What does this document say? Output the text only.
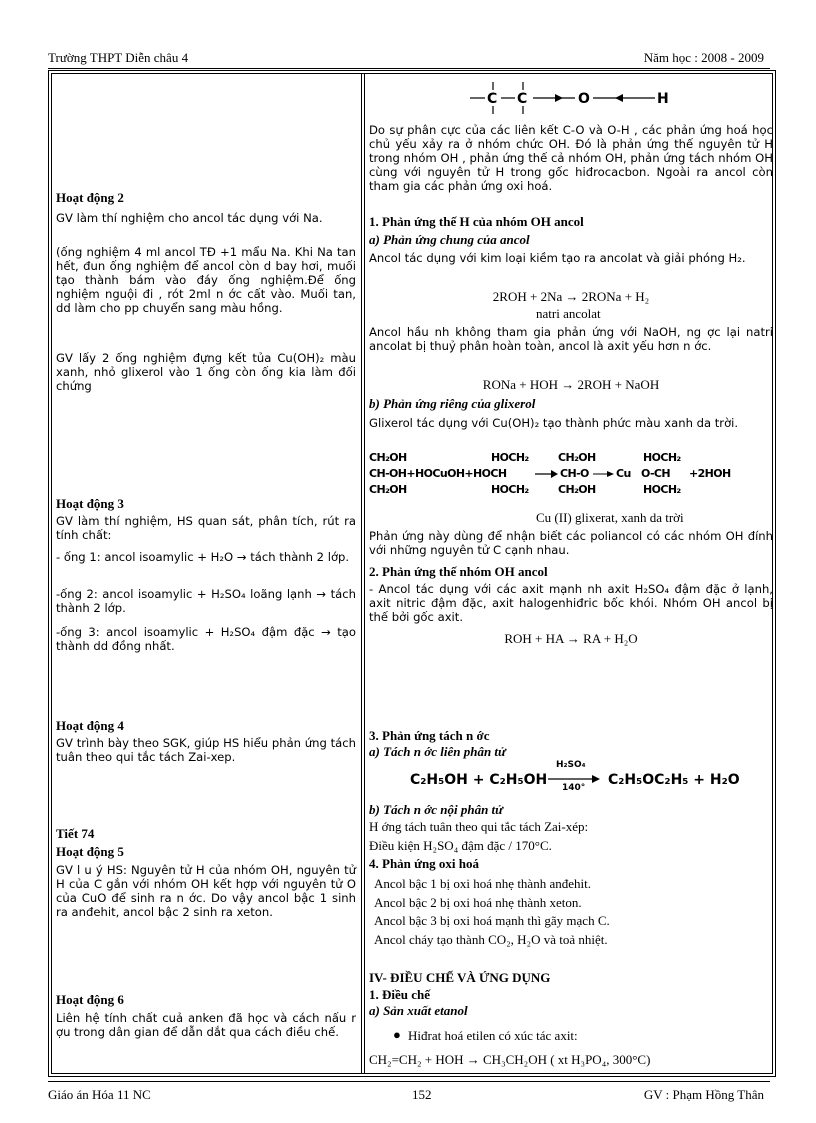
Trường THPT Diễn châu 4	Năm học : 2008 - 2009
Hoạt động 2
GV làm thí nghiệm cho ancol tác dụng với Na.
(ống nghiệm 4 ml ancol TĐ +1 mẩu Na. Khi Na tan hết, đun ống nghiệm để ancol còn d bay hơi, muối tạo thành bám vào đáy ống nghiệm.Để ống nghiệm nguội đi , rót 2ml n ớc cất vào. Muối tan, dd làm cho pp chuyển sang màu hồng.
GV lấy 2 ống nghiệm đựng kết tủa Cu(OH)₂ màu xanh, nhỏ glixerol vào 1 ống còn ống kia làm đối chứng
Hoạt động 3
GV làm thí nghiệm, HS quan sát, phân tích, rút ra tính chất:
- ống 1: ancol isoamylic + H₂O → tách thành 2 lớp.
-ống 2: ancol isoamylic + H₂SO₄ loãng lạnh → tách thành 2 lớp.
-ống 3: ancol isoamylic + H₂SO₄ đậm đặc → tạo thành dd đồng nhất.
Hoạt động 4
GV trình bày theo SGK, giúp HS hiểu phản ứng tách tuân theo qui tắc tách Zai-xep.
Tiết 74
Hoạt động 5
GV l u ý HS: Nguyên tử H của nhóm OH, nguyên tử H của C gắn với nhóm OH kết hợp với nguyên tử O của CuO để sinh ra n ớc. Do vậy ancol bậc 1 sinh ra anđehit, ancol bậc 2 sinh ra xeton.
Hoạt động 6
Liên hệ tính chất cuả anken đã học và cách nấu r ợu trong dân gian để dẫn dắt qua cách điều chế.
C C	O	H
Do sự phân cực của các liên kết C-O và O-H , các phản ứng hoá học chủ yếu xảy ra ở nhóm chức OH. Đó là phản ứng thế nguyên tử H trong nhóm OH , phản ứng thế cả nhóm OH, phản ứng tách nhóm OH cùng với nguyên tử H trong gốc hiđrocacbon. Ngoài ra ancol còn tham gia các phản ứng oxi hoá.
1. Phản ứng thế H của nhóm OH ancol
a) Phản ứng chung của ancol
Ancol tác dụng với kim loại kiềm tạo ra ancolat và giải phóng H₂.
2ROH + 2Na → 2RONa + H₂
natri ancolat
Ancol hầu nh không tham gia phản ứng với NaOH, ng ợc lại natri ancolat bị thuỷ phân hoàn toàn, ancol là axit yếu hơn n ớc.
RONa + HOH → 2ROH + NaOH
b) Phản ứng riêng của glixerol
Glixerol tác dụng với Cu(OH)₂ tạo thành phức màu xanh da trời.
CH₂OH	HOCH₂	CH₂OH	HOCH₂
CH-OH+HOCuOH+HOCH	CH-O Cu O-CH +2HOH
CH₂OH	HOCH₂	CH₂OH	HOCH₂
Cu (II) glixerat, xanh da trời
Phản ứng này dùng để nhận biết các poliancol có các nhóm OH đính với những nguyên tử C cạnh nhau.
2. Phản ứng thế nhóm OH ancol
- Ancol tác dụng với các axit mạnh nh axit H₂SO₄ đậm đặc ở lạnh, axit nitric đậm đặc, axit halogenhiđric bốc khói. Nhóm OH ancol bị thế bởi gốc axit.
ROH + HA → RA + H₂O
3. Phản ứng tách n ớc
a) Tách n ớc liên phân tử
C₂H₅OH + C₂H₅OH
H₂SO₄
140° C₂H₅OC₂H₅ + H₂O
b) Tách n ớc nội phân tử
H ớng tách tuân theo qui tắc tách Zai-xép:
Điều kiện H₂SO₄ đậm đặc / 170°C.
4. Phản ứng oxi hoá
Ancol bậc 1 bị oxi hoá nhẹ thành anđehit.
Ancol bậc 2 bị oxi hoá nhẹ thành xeton.
Ancol bậc 3 bị oxi hoá mạnh thì gãy mạch C.
Ancol cháy tạo thành CO₂, H₂O và toả nhiệt.
IV- ĐIỀU CHẾ VÀ ỨNG DỤNG
1. Điều chế
a) Sản xuất etanol
● Hiđrat hoá etilen có xúc tác axit:
CH₂=CH₂ + HOH → CH₃CH₂OH ( xt H₃PO₄, 300°C)
Giáo án Hóa 11 NC	152	GV : Phạm Hồng Thân
